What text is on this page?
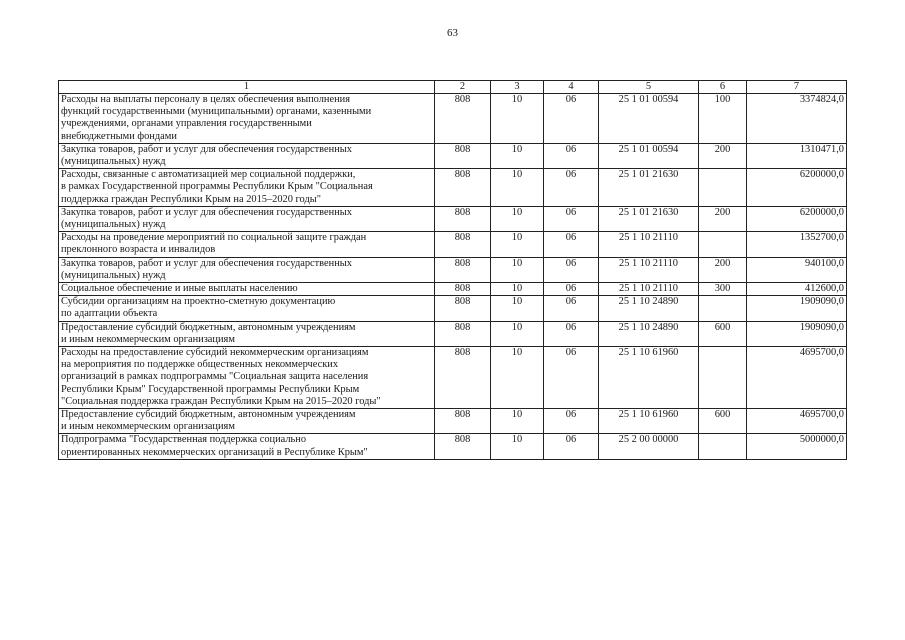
63
1	2	3	4	5	6	7
Расходы на выплаты персоналу в целях обеспечения выполнения
функций государственными (муниципальными) органами, казенными
учреждениями, органами управления государственными
внебюджетными фондами	808	10	06	25 1 01 00594	100	3374824,0
Закупка товаров, работ и услуг для обеспечения государственных
(муниципальных) нужд	808	10	06	25 1 01 00594	200	1310471,0
Расходы, связанные с автоматизацией мер социальной поддержки,
в рамках Государственной программы Республики Крым "Социальная
поддержка граждан Республики Крым на 2015–2020 годы"	808	10	06	25 1 01 21630		6200000,0
Закупка товаров, работ и услуг для обеспечения государственных
(муниципальных) нужд	808	10	06	25 1 01 21630	200	6200000,0
Расходы на проведение мероприятий по социальной защите граждан
преклонного возраста и инвалидов	808	10	06	25 1 10 21110		1352700,0
Закупка товаров, работ и услуг для обеспечения государственных
(муниципальных) нужд	808	10	06	25 1 10 21110	200	940100,0
Социальное обеспечение и иные выплаты населению	808	10	06	25 1 10 21110	300	412600,0
Субсидии организациям на проектно-сметную документацию
по адаптации объекта	808	10	06	25 1 10 24890		1909090,0
Предоставление субсидий бюджетным, автономным учреждениям
и иным некоммерческим организациям	808	10	06	25 1 10 24890	600	1909090,0
Расходы на предоставление субсидий некоммерческим организациям
на мероприятия по поддержке общественных некоммерческих
организаций в рамках подпрограммы "Социальная защита населения
Республики Крым" Государственной программы Республики Крым
"Социальная поддержка граждан Республики Крым на 2015–2020 годы"	808	10	06	25 1 10 61960		4695700,0
Предоставление субсидий бюджетным, автономным учреждениям
и иным некоммерческим организациям	808	10	06	25 1 10 61960	600	4695700,0
Подпрограмма "Государственная поддержка социально
ориентированных некоммерческих организаций в Республике Крым"	808	10	06	25 2 00 00000		5000000,0
